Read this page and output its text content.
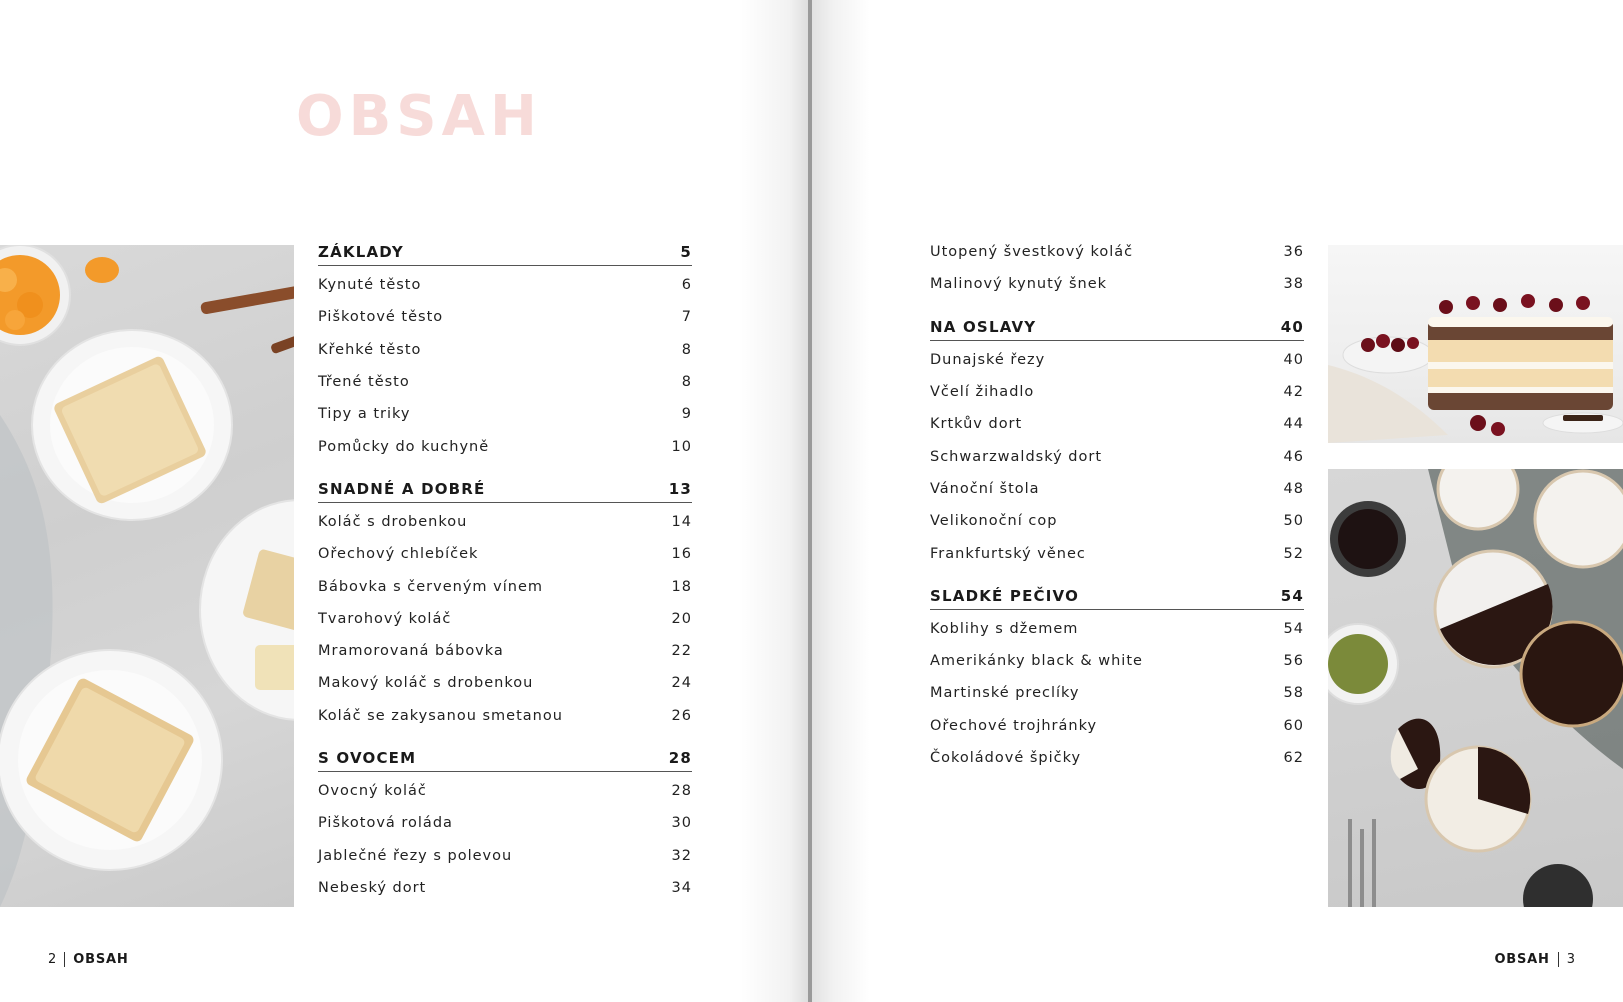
OBSAH
ZÁKLADY	5
Kynuté těsto	6
Piškotové těsto	7
Křehké těsto	8
Třené těsto	8
Tipy a triky	9
Pomůcky do kuchyně	10
SNADNÉ A DOBRÉ	13
Koláč s drobenkou	14
Ořechový chlebíček	16
Bábovka s červeným vínem	18
Tvarohový koláč	20
Mramorovaná bábovka	22
Makový koláč s drobenkou	24
Koláč se zakysanou smetanou	26
S OVOCEM	28
Ovocný koláč	28
Piškotová roláda	30
Jablečné řezy s polevou	32
Nebeský dort	34
2 OBSAH
Utopený švestkový koláč	36
Malinový kynutý šnek	38
NA OSLAVY	40
Dunajské řezy	40
Včelí žihadlo	42
Krtkův dort	44
Schwarzwaldský dort	46
Vánoční štola	48
Velikonoční cop	50
Frankfurtský věnec	52
SLADKÉ PEČIVO	54
Koblihy s džemem	54
Amerikánky black & white	56
Martinské preclíky	58
Ořechové trojhránky	60
Čokoládové špičky	62
OBSAH 3
